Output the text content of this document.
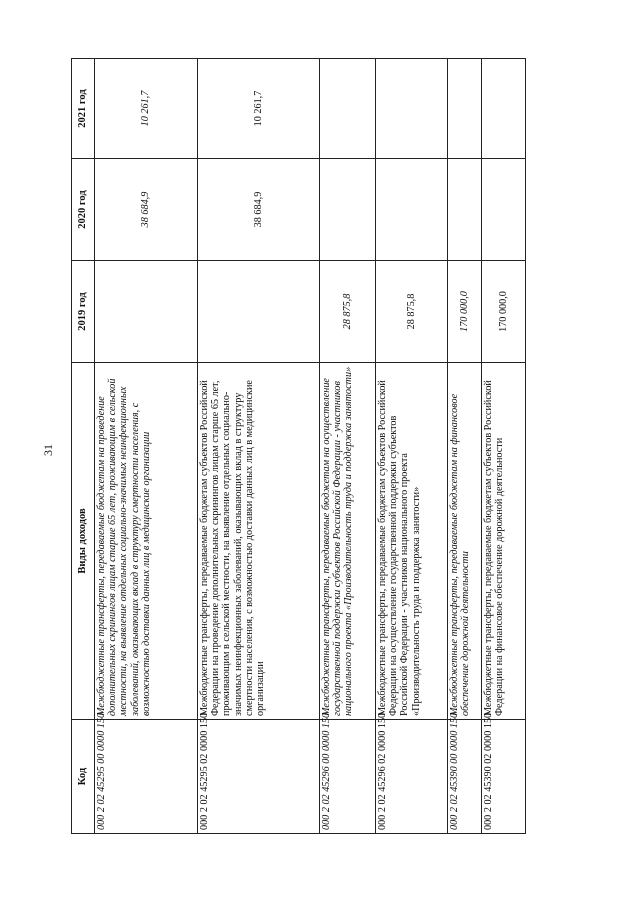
31
Код	Виды доходов	2019 год	2020 год	2021 год
000 2 02 45295 00 0000 150	Межбюджетные трансферты, передаваемые бюджетам на проведение дополнительных скринингов лицам старше 65 лет, проживающим в сельской местности, на выявление отдельных социально-значимых неинфекционных заболеваний, оказывающих вклад в структуру смертности населения, с возможностью доставки данных лиц в медицинские организации		38 684,9	10 261,7
000 2 02 45295 02 0000 150	Межбюджетные трансферты, передаваемые бюджетам субъектов Российской Федерации на проведение дополнительных скринингов лицам старше 65 лет, проживающим в сельской местности, на выявление отдельных социально-значимых неинфекционных заболеваний, оказывающих вклад в структуру смертности населения, с возможностью доставки данных лиц в медицинские организации		38 684,9	10 261,7
000 2 02 45296 00 0000 150	Межбюджетные трансферты, передаваемые бюджетам на осуществление государственной поддержки субъектов Российской Федерации - участников национального проекта «Производительность труда и поддержка занятости»	28 875,8		
000 2 02 45296 02 0000 150	Межбюджетные трансферты, передаваемые бюджетам субъектов Российской Федерации на осуществление государственной поддержки субъектов Российской Федерации - участников национального проекта «Производительность труда и поддержка занятости»	28 875,8		
000 2 02 45390 00 0000 150	Межбюджетные трансферты, передаваемые бюджетам на финансовое обеспечение дорожной деятельности	170 000,0		
000 2 02 45390 02 0000 150	Межбюджетные трансферты, передаваемые бюджетам субъектов Российской Федерации на финансовое обеспечение дорожной деятельности	170 000,0		
